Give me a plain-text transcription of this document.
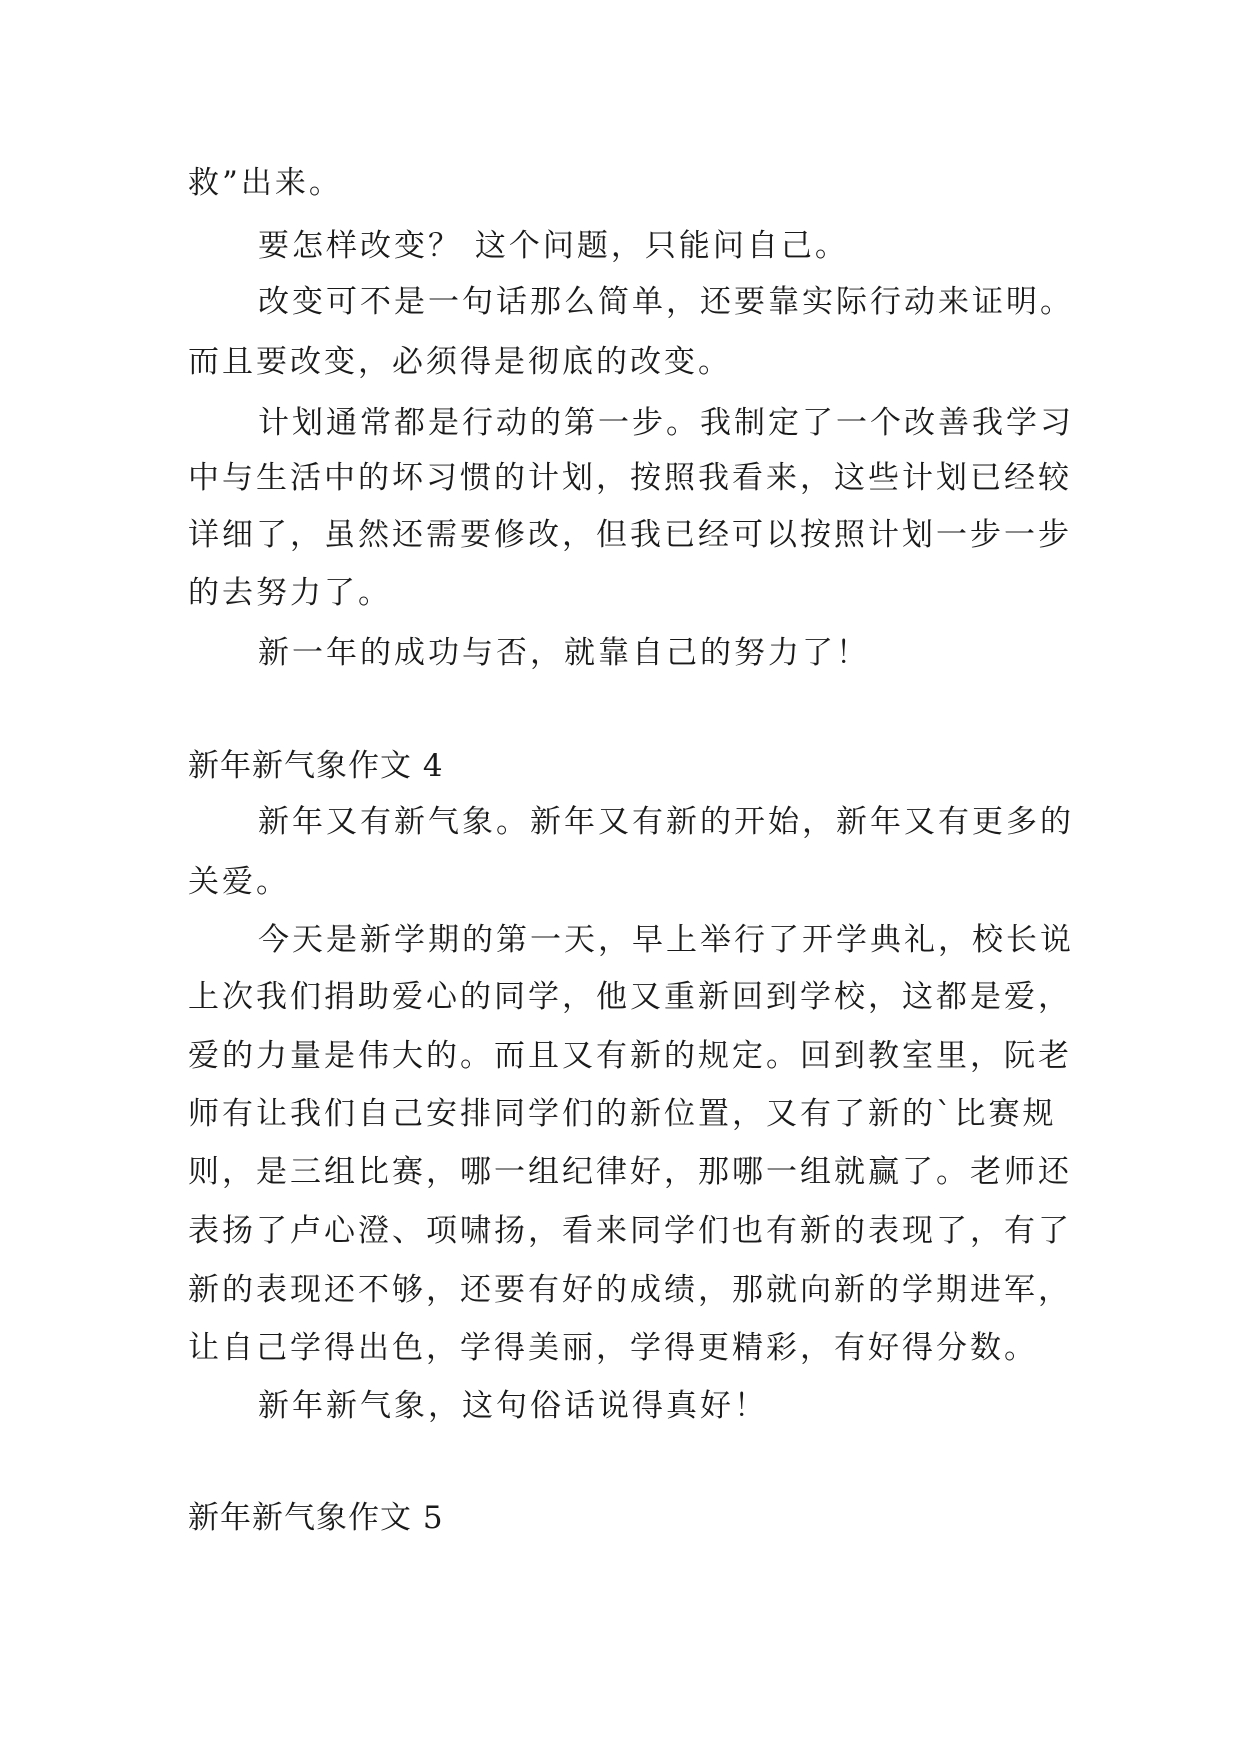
救”出来。
要怎样改变？ 这个问题，只能问自己。
改变可不是一句话那么简单，还要靠实际行动来证明。
而且要改变，必须得是彻底的改变。
计划通常都是行动的第一步。我制定了一个改善我学习
中与生活中的坏习惯的计划，按照我看来，这些计划已经较
详细了，虽然还需要修改，但我已经可以按照计划一步一步
的去努力了。
新一年的成功与否，就靠自己的努力了！
新年新气象作文 4
新年又有新气象。新年又有新的开始，新年又有更多的
关爱。
今天是新学期的第一天，早上举行了开学典礼，校长说
上次我们捐助爱心的同学，他又重新回到学校，这都是爱，
爱的力量是伟大的。而且又有新的规定。回到教室里，阮老
师有让我们自己安排同学们的新位置，又有了新的`比赛规
则，是三组比赛，哪一组纪律好，那哪一组就赢了。老师还
表扬了卢心澄、项啸扬，看来同学们也有新的表现了，有了
新的表现还不够，还要有好的成绩，那就向新的学期进军，
让自己学得出色，学得美丽，学得更精彩，有好得分数。
新年新气象，这句俗话说得真好！
新年新气象作文 5
